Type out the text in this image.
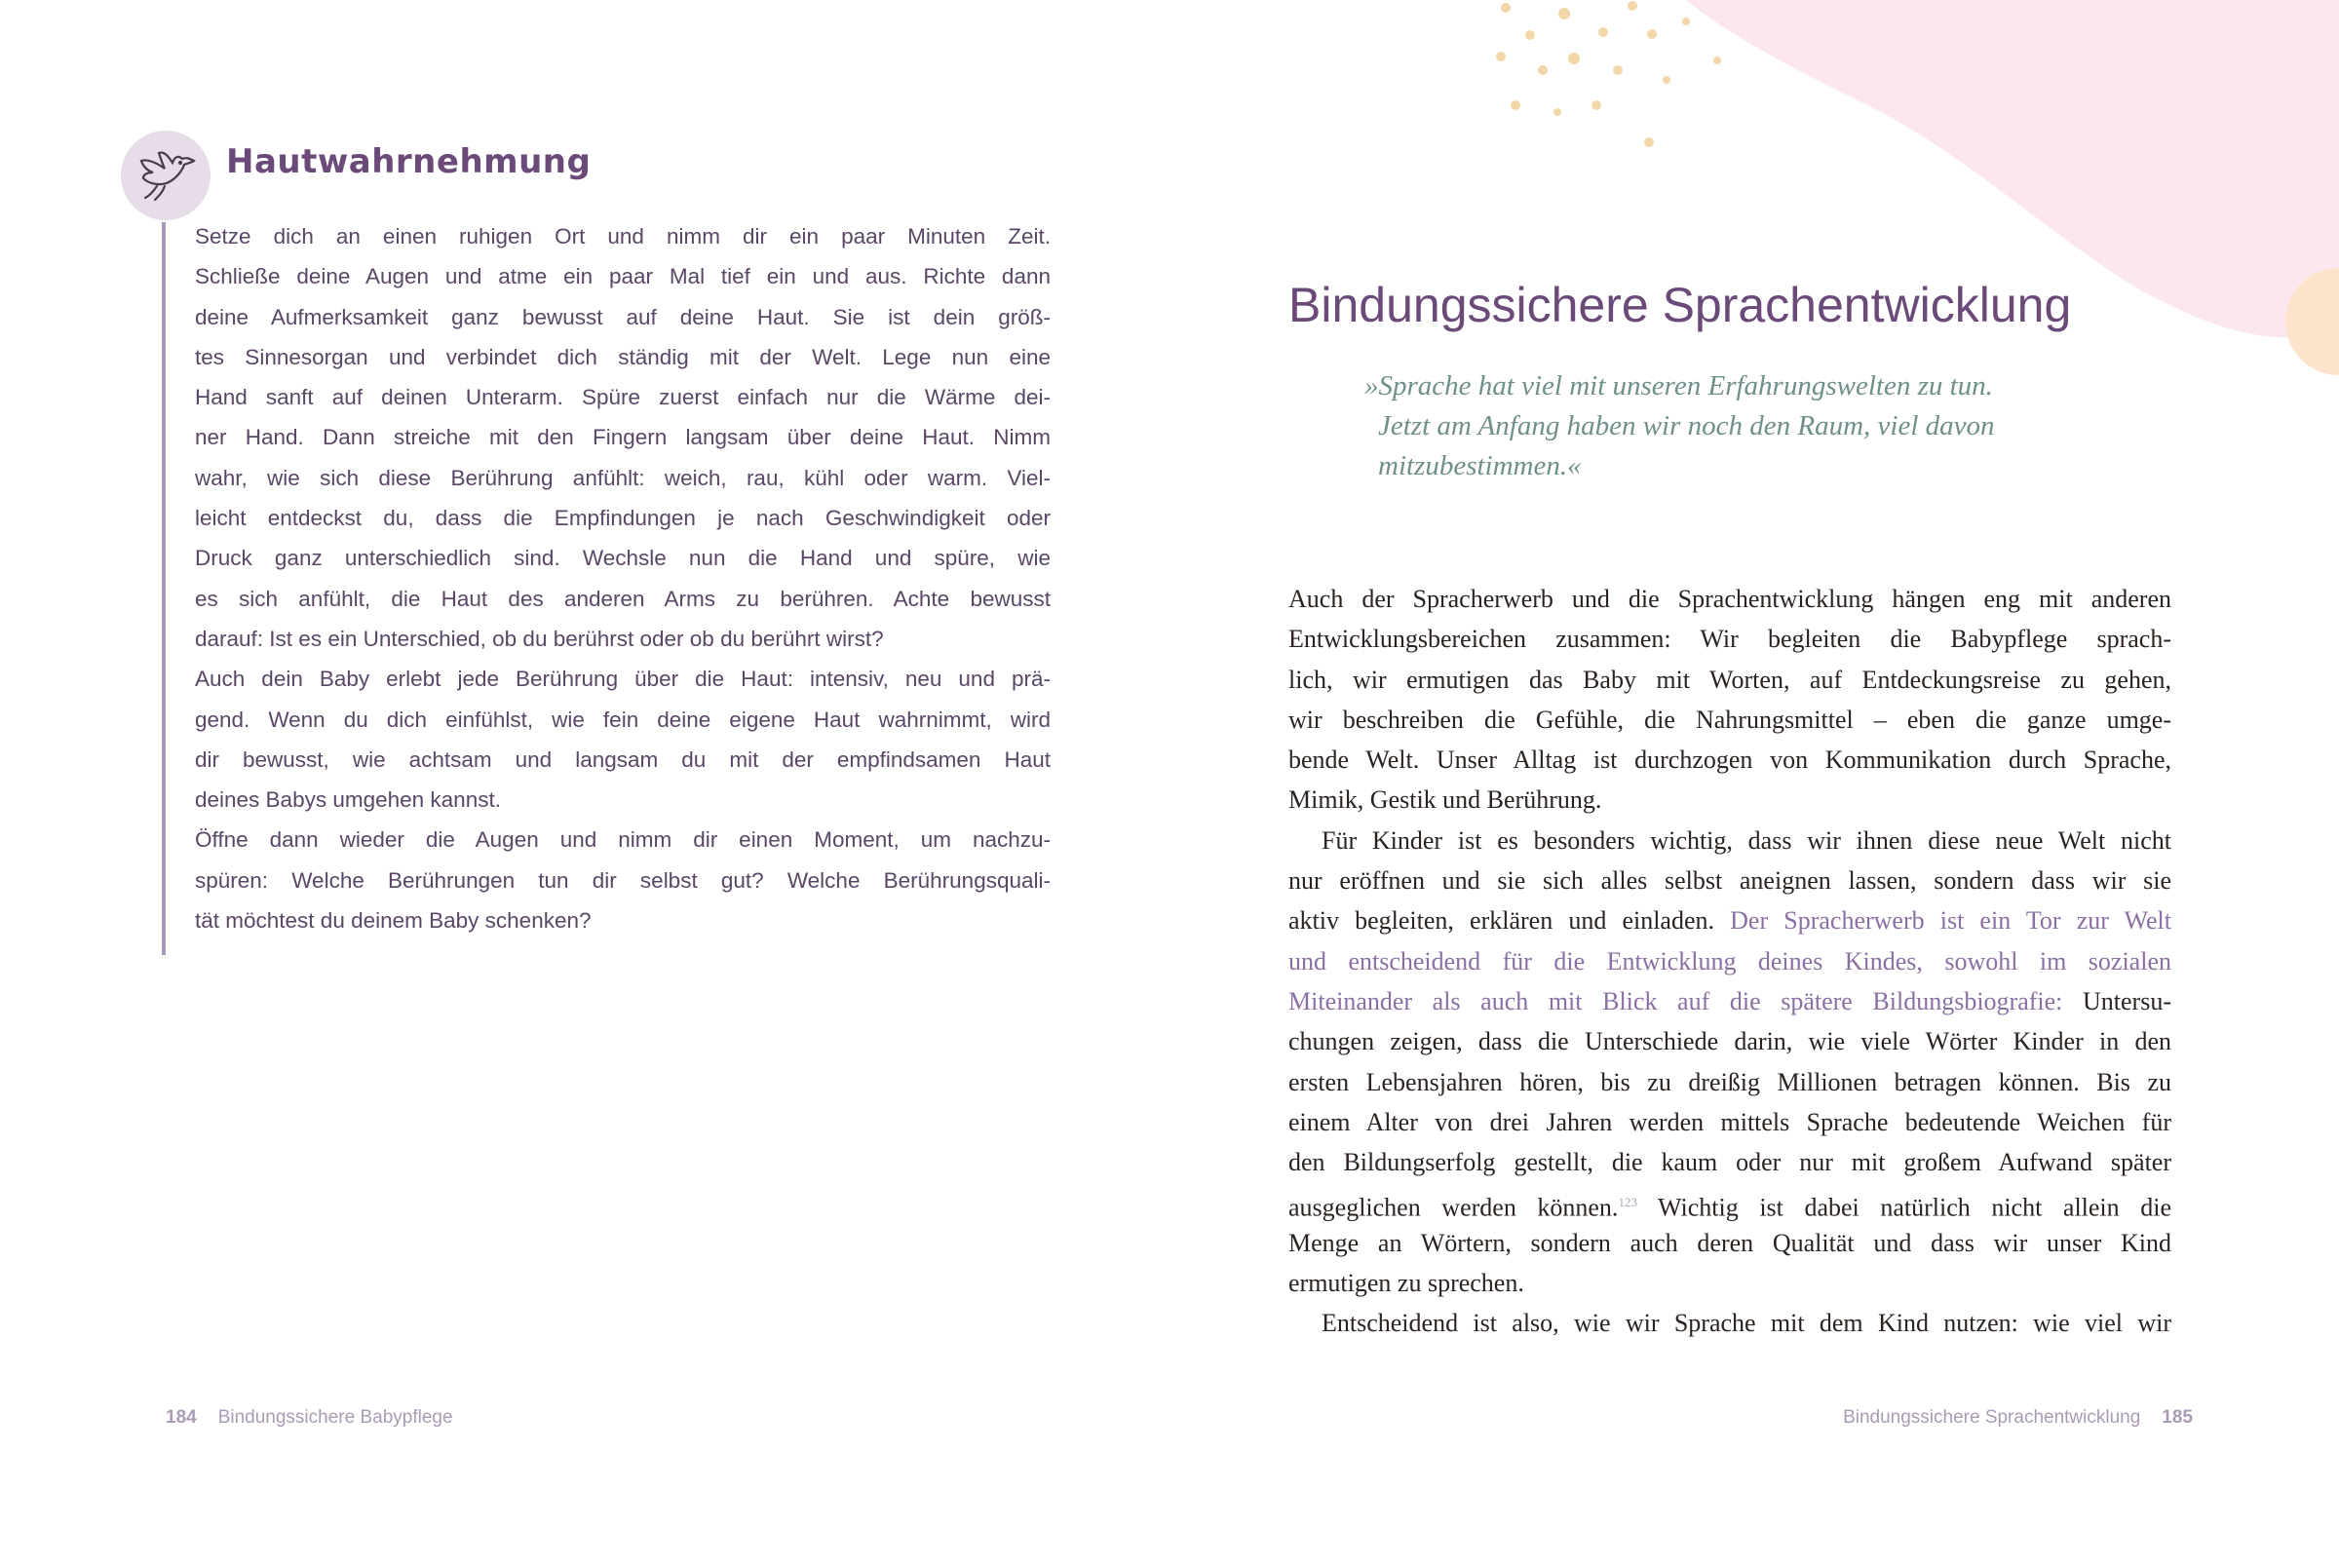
Hautwahrnehmung
Setze dich an einen ruhigen Ort und nimm dir ein paar Minuten Zeit.
Schließe deine Augen und atme ein paar Mal tief ein und aus. Richte dann
deine Aufmerksamkeit ganz bewusst auf deine Haut. Sie ist dein größ-
tes Sinnesorgan und verbindet dich ständig mit der Welt. Lege nun eine
Hand sanft auf deinen Unterarm. Spüre zuerst einfach nur die Wärme dei-
ner Hand. Dann streiche mit den Fingern langsam über deine Haut. Nimm
wahr, wie sich diese Berührung anfühlt: weich, rau, kühl oder warm. Viel-
leicht entdeckst du, dass die Empfindungen je nach Geschwindigkeit oder
Druck ganz unterschiedlich sind. Wechsle nun die Hand und spüre, wie
es sich anfühlt, die Haut des anderen Arms zu berühren. Achte bewusst
darauf: Ist es ein Unterschied, ob du berührst oder ob du berührt wirst?
Auch dein Baby erlebt jede Berührung über die Haut: intensiv, neu und prä-
gend. Wenn du dich einfühlst, wie fein deine eigene Haut wahrnimmt, wird
dir bewusst, wie achtsam und langsam du mit der empfindsamen Haut
deines Babys umgehen kannst.
Öffne dann wieder die Augen und nimm dir einen Moment, um nachzu-
spüren: Welche Berührungen tun dir selbst gut? Welche Berührungsquali-
tät möchtest du deinem Baby schenken?
184 Bindungssichere Babypflege
Bindungssichere Sprachentwicklung
»Sprache hat viel mit unseren Erfahrungswelten zu tun.
Jetzt am Anfang haben wir noch den Raum, viel davon
mitzubestimmen.«
Auch der Spracherwerb und die Sprachentwicklung hängen eng mit anderen
Entwicklungsbereichen zusammen: Wir begleiten die Babypflege sprach-
lich, wir ermutigen das Baby mit Worten, auf Entdeckungsreise zu gehen,
wir beschreiben die Gefühle, die Nahrungsmittel – eben die ganze umge-
bende Welt. Unser Alltag ist durchzogen von Kommunikation durch Sprache,
Mimik, Gestik und Berührung.
Für Kinder ist es besonders wichtig, dass wir ihnen diese neue Welt nicht
nur eröffnen und sie sich alles selbst aneignen lassen, sondern dass wir sie
aktiv begleiten, erklären und einladen. Der Spracherwerb ist ein Tor zur Welt
und entscheidend für die Entwicklung deines Kindes, sowohl im sozialen
Miteinander als auch mit Blick auf die spätere Bildungsbiografie: Untersu-
chungen zeigen, dass die Unterschiede darin, wie viele Wörter Kinder in den
ersten Lebensjahren hören, bis zu dreißig Millionen betragen können. Bis zu
einem Alter von drei Jahren werden mittels Sprache bedeutende Weichen für
den Bildungserfolg gestellt, die kaum oder nur mit großem Aufwand später
ausgeglichen werden können.$^{123}$ Wichtig ist dabei natürlich nicht allein die
Menge an Wörtern, sondern auch deren Qualität und dass wir unser Kind
ermutigen zu sprechen.
Entscheidend ist also, wie wir Sprache mit dem Kind nutzen: wie viel wir
Bindungssichere Sprachentwicklung 185
